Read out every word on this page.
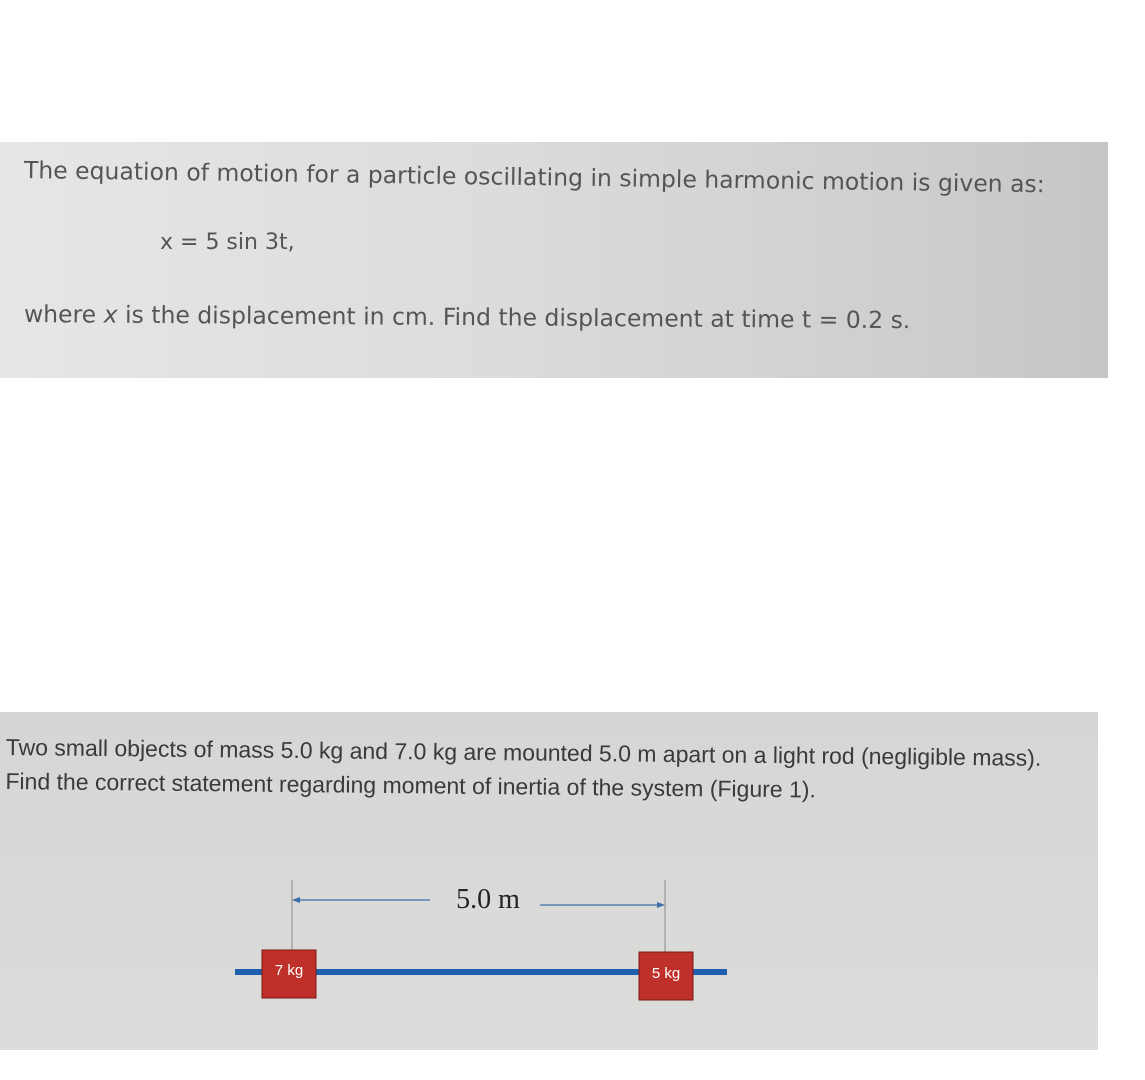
The equation of motion for a particle oscillating in simple harmonic motion is given as:
x = 5 sin 3t,
where x is the displacement in cm. Find the displacement at time t = 0.2 s.
Two small objects of mass 5.0 kg and 7.0 kg are mounted 5.0 m apart on a light rod (negligible mass). Find the correct statement regarding moment of inertia of the system (Figure 1).
5.0 m
7 kg	5 kg
